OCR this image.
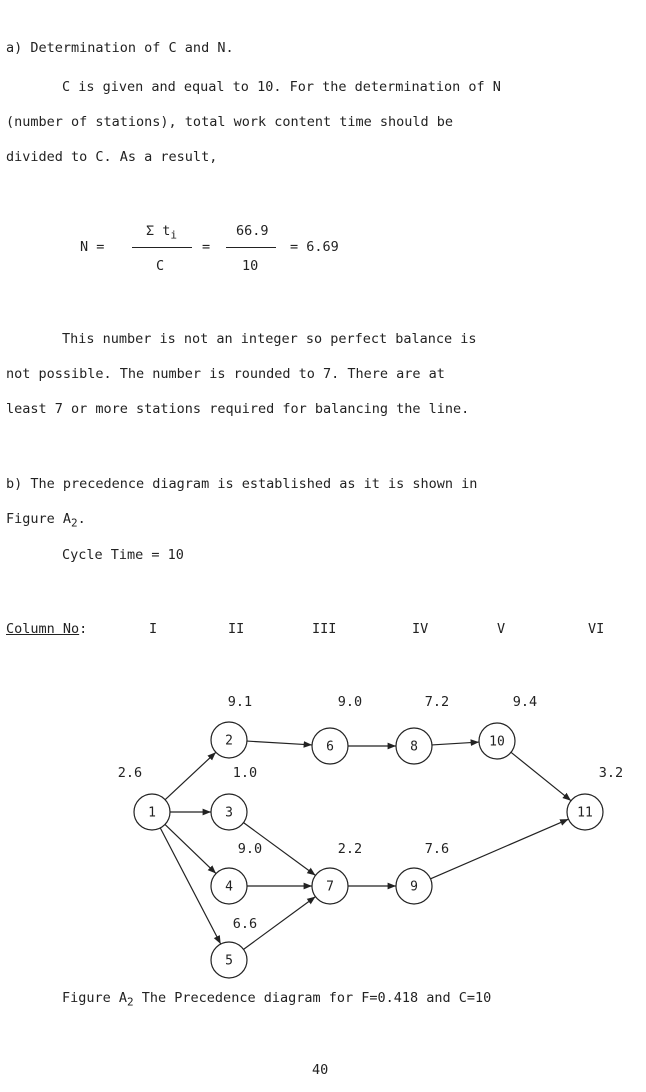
a) Determination of C and N.
C is given and equal to 10. For the determination of N
(number of stations), total work content time should be
divided to C. As a result,
N =
Σ $t_i$
C
=
66.9
10
= 6.69
This number is not an integer so perfect balance is
not possible. The number is rounded to 7. There are at
least 7 or more stations required for balancing the line.
b) The precedence diagram is established as it is shown in
Figure $A_2$.
Cycle Time = 10
Column No:	I	II	III	IV	V	VI
1
2.6
2
9.1
3
1.0
4
9.0
5
6.6
6
9.0
7
2.2
8
7.2
9
7.6
10
9.4
11
3.2
Figure $A_2$ The Precedence diagram for F=0.418 and C=10
40
